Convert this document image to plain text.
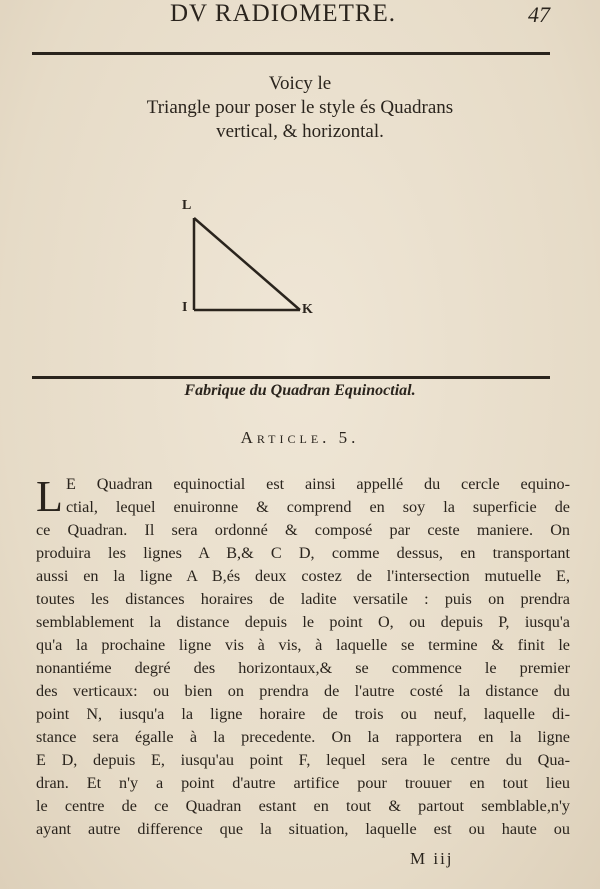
DV RADIOMETRE.	47
Voicy le
Triangle pour poser le style és Quadrans
vertical, & horizontal.
L
I	K
Fabrique du Quadran Equinoctial.
Article. 5.
L E Quadran equinoctial est ainsi appellé du cercle equino-
ctial, lequel enuironne & comprend en soy la superficie de
ce Quadran. Il sera ordonné & composé par ceste maniere. On
produira les lignes A B,& C D, comme dessus, en transportant
aussi en la ligne A B,és deux costez de l'intersection mutuelle E,
toutes les distances horaires de ladite versatile : puis on prendra
semblablement la distance depuis le point O, ou depuis P, iusqu'a
qu'a la prochaine ligne vis à vis, à laquelle se termine & finit le
nonantiéme degré des horizontaux,& se commence le premier
des verticaux: ou bien on prendra de l'autre costé la distance du
point N, iusqu'a la ligne horaire de trois ou neuf, laquelle di-
stance sera égalle à la precedente. On la rapportera en la ligne
E D, depuis E, iusqu'au point F, lequel sera le centre du Qua-
dran. Et n'y a point d'autre artifice pour trouuer en tout lieu
le centre de ce Quadran estant en tout & partout semblable,n'y
ayant autre difference que la situation, laquelle est ou haute ou
M iij
